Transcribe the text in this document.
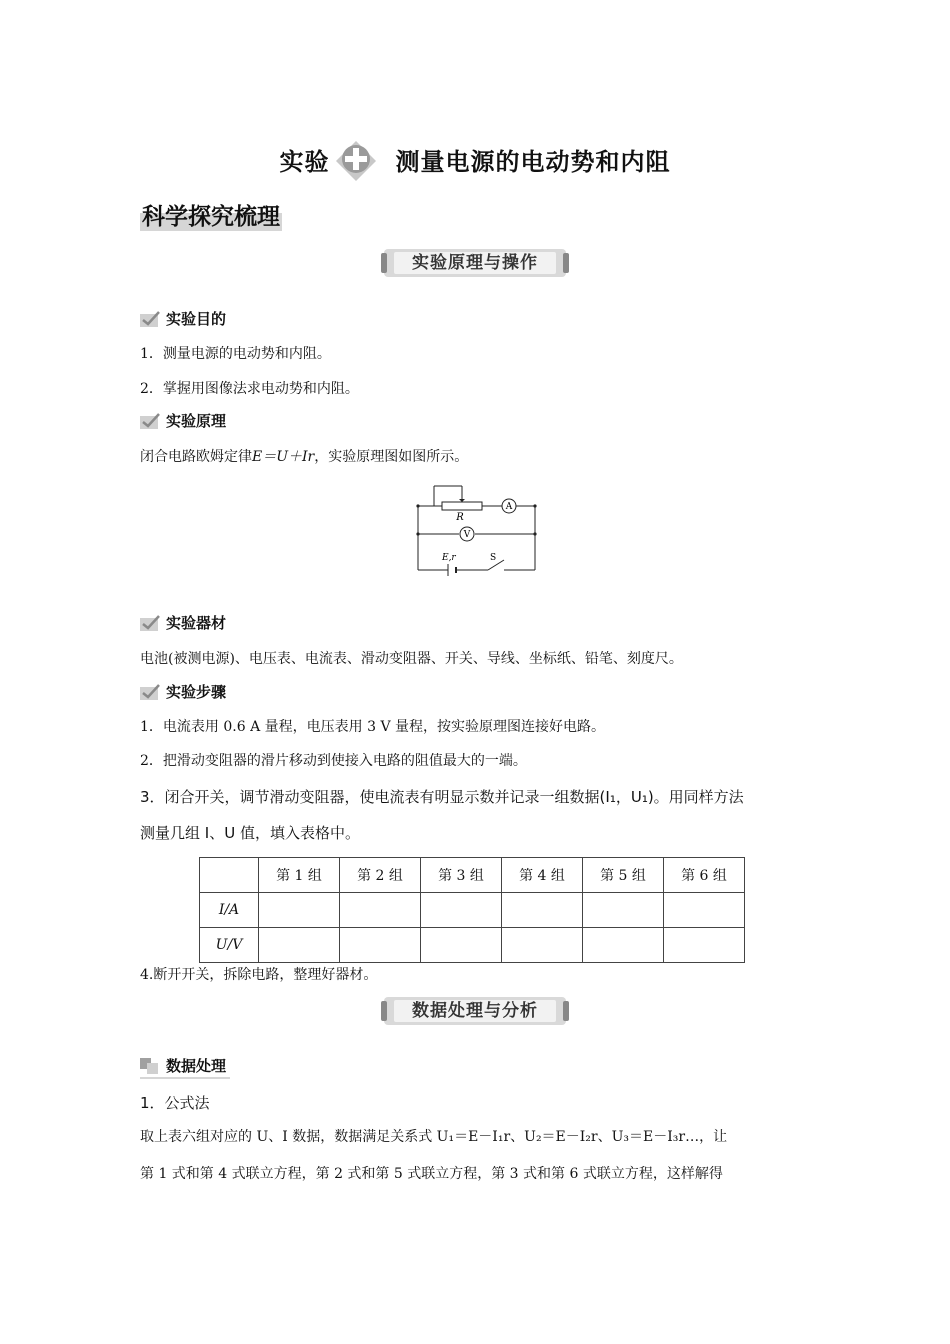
实验	测量电源的电动势和内阻
科学探究梳理
实验原理与操作
实验目的
1．测量电源的电动势和内阻。
2．掌握用图像法求电动势和内阻。
实验原理
闭合电路欧姆定律E＝U＋Ir，实验原理图如图所示。
A
V
R
E,r	S
实验器材
电池(被测电源)、电压表、电流表、滑动变阻器、开关、导线、坐标纸、铅笔、刻度尺。
实验步骤
1．电流表用 0.6 A 量程，电压表用 3 V 量程，按实验原理图连接好电路。
2．把滑动变阻器的滑片移动到使接入电路的阻值最大的一端。
3．闭合开关，调节滑动变阻器，使电流表有明显示数并记录一组数据(I₁，U₁)。用同样方法
测量几组 I、U 值，填入表格中。
	第 1 组	第 2 组	第 3 组	第 4 组	第 5 组	第 6 组
I/A						
U/V						
4.断开开关，拆除电路，整理好器材。
数据处理与分析
数据处理
1．公式法
取上表六组对应的 U、I 数据，数据满足关系式 U₁＝E－I₁r、U₂＝E－I₂r、U₃＝E－I₃r…，让
第 1 式和第 4 式联立方程，第 2 式和第 5 式联立方程，第 3 式和第 6 式联立方程，这样解得
